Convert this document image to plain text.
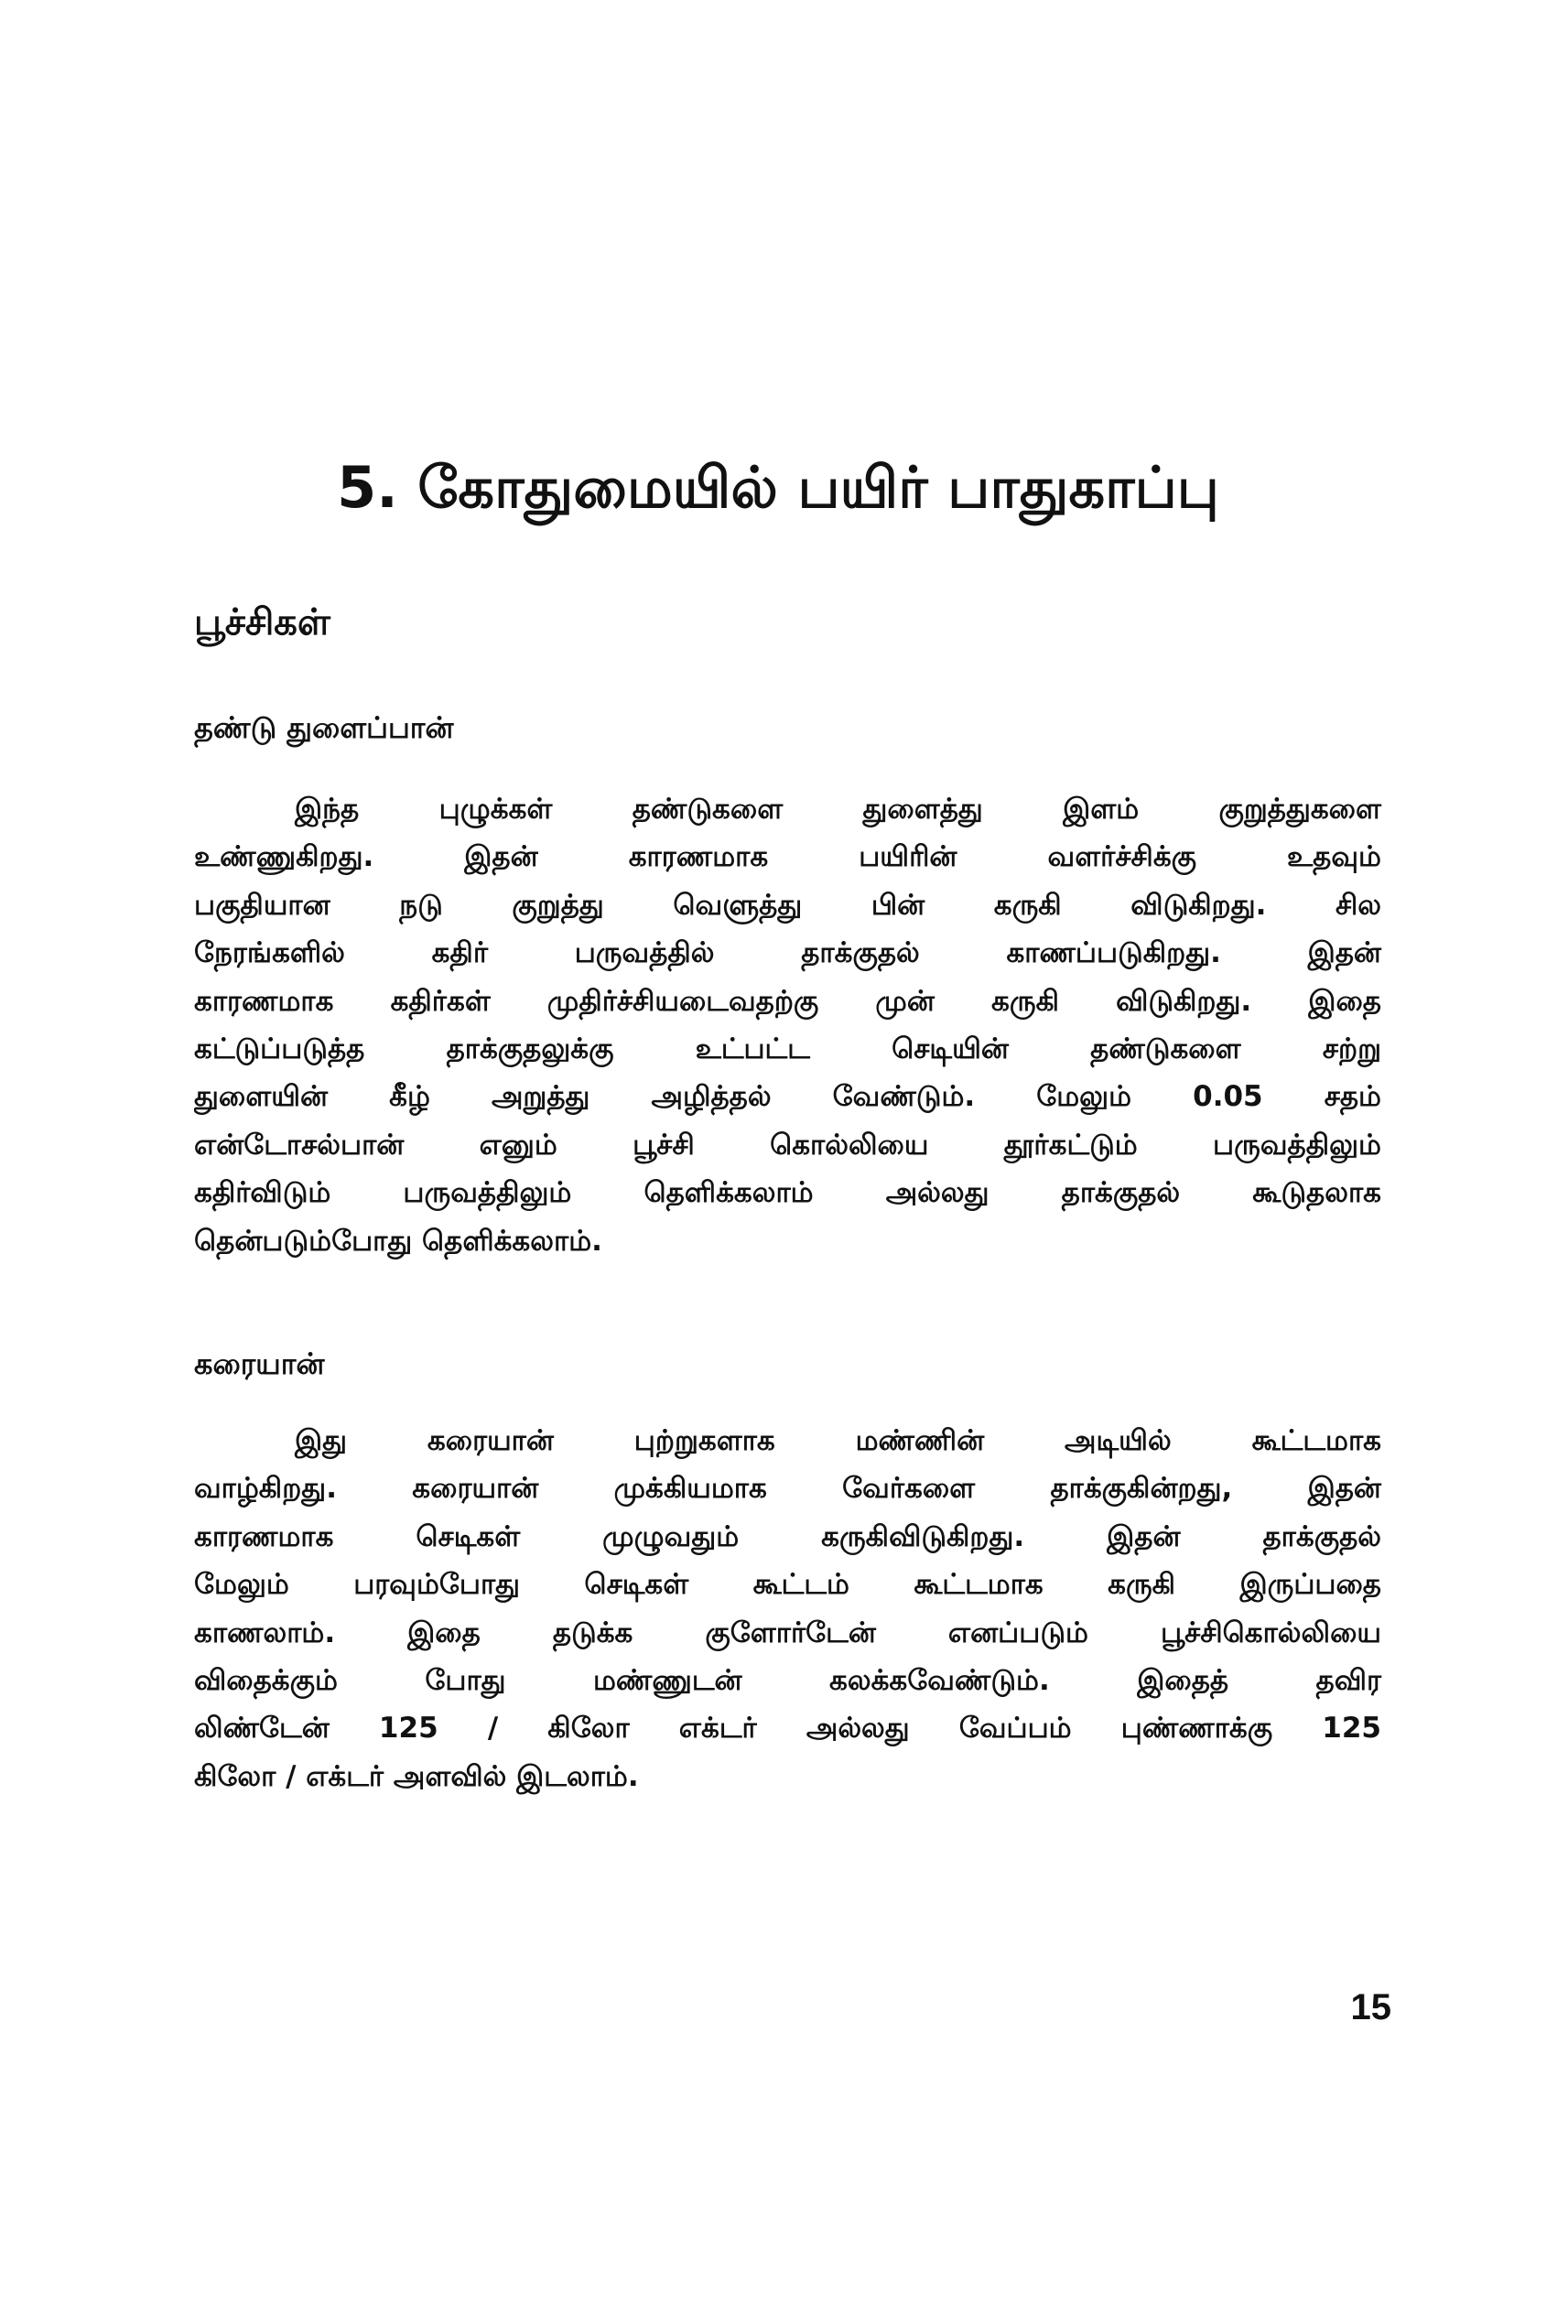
5. கோதுமையில் பயிர் பாதுகாப்பு
பூச்சிகள்
தண்டு துளைப்பான்

இந்த புழுக்கள் தண்டுகளை துளைத்து இளம் குறுத்துகளை
உண்ணுகிறது. இதன் காரணமாக பயிரின் வளர்ச்சிக்கு உதவும்
பகுதியான நடு குறுத்து வெளுத்து பின் கருகி விடுகிறது. சில
நேரங்களில் கதிர் பருவத்தில் தாக்குதல் காணப்படுகிறது. இதன்
காரணமாக கதிர்கள் முதிர்ச்சியடைவதற்கு முன் கருகி விடுகிறது. இதை
கட்டுப்படுத்த தாக்குதலுக்கு உட்பட்ட செடியின் தண்டுகளை சற்று
துளையின் கீழ் அறுத்து அழித்தல் வேண்டும். மேலும் 0.05 சதம்
என்டோசல்பான் எனும் பூச்சி கொல்லியை தூர்கட்டும் பருவத்திலும்
கதிர்விடும் பருவத்திலும் தெளிக்கலாம் அல்லது தாக்குதல் கூடுதலாக
தென்படும்போது தெளிக்கலாம்.

கரையான்

இது கரையான் புற்றுகளாக மண்ணின் அடியில் கூட்டமாக
வாழ்கிறது. கரையான் முக்கியமாக வேர்களை தாக்குகின்றது, இதன்
காரணமாக செடிகள் முழுவதும் கருகிவிடுகிறது. இதன் தாக்குதல்
மேலும் பரவும்போது செடிகள் கூட்டம் கூட்டமாக கருகி இருப்பதை
காணலாம். இதை தடுக்க குளோர்டேன் எனப்படும் பூச்சிகொல்லியை
விதைக்கும் போது மண்ணுடன் கலக்கவேண்டும். இதைத் தவிர
லிண்டேன் 125 / கிலோ எக்டர் அல்லது வேப்பம் புண்ணாக்கு 125
கிலோ / எக்டர் அளவில் இடலாம்.

15
